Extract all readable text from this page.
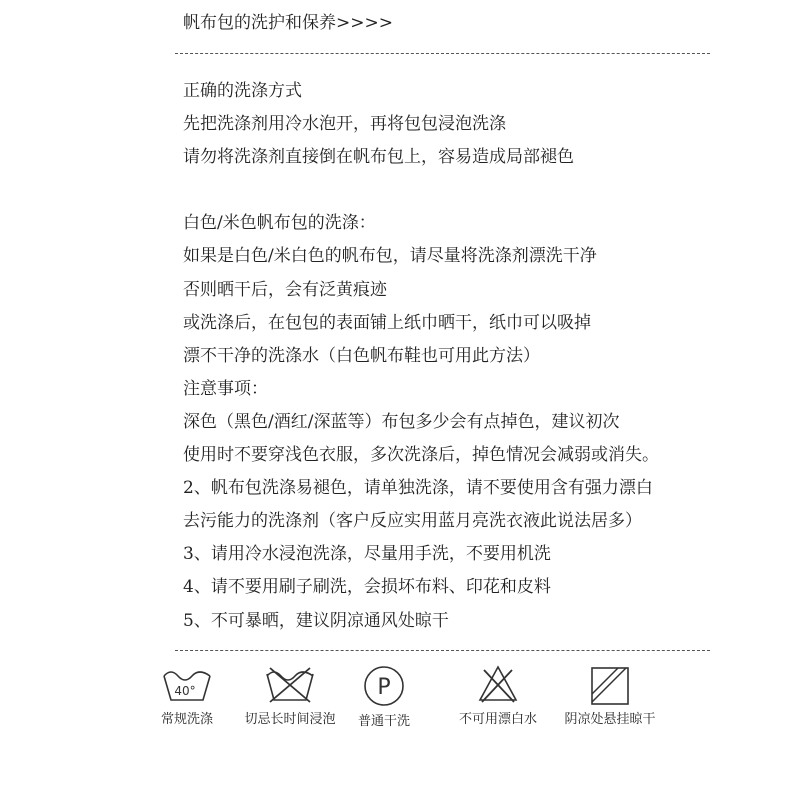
帆布包的洗护和保养>>>>
正确的洗涤方式
先把洗涤剂用冷水泡开，再将包包浸泡洗涤
请勿将洗涤剂直接倒在帆布包上，容易造成局部褪色
白色/米色帆布包的洗涤：
如果是白色/米白色的帆布包，请尽量将洗涤剂漂洗干净
否则晒干后，会有泛黄痕迹
或洗涤后，在包包的表面铺上纸巾晒干，纸巾可以吸掉
漂不干净的洗涤水（白色帆布鞋也可用此方法）
注意事项：
深色（黑色/酒红/深蓝等）布包多少会有点掉色，建议初次
使用时不要穿浅色衣服，多次洗涤后，掉色情况会减弱或消失。
2、帆布包洗涤易褪色，请单独洗涤，请不要使用含有强力漂白
去污能力的洗涤剂（客户反应实用蓝月亮洗衣液此说法居多）
3、请用冷水浸泡洗涤，尽量用手洗，不要用机洗
4、请不要用刷子刷洗，会损坏布料、印花和皮料
5、不可暴晒，建议阴凉通风处晾干
40°
常规洗涤	切忌长时间浸泡
P
普通干洗	不可用漂白水	阴凉处悬挂晾干
